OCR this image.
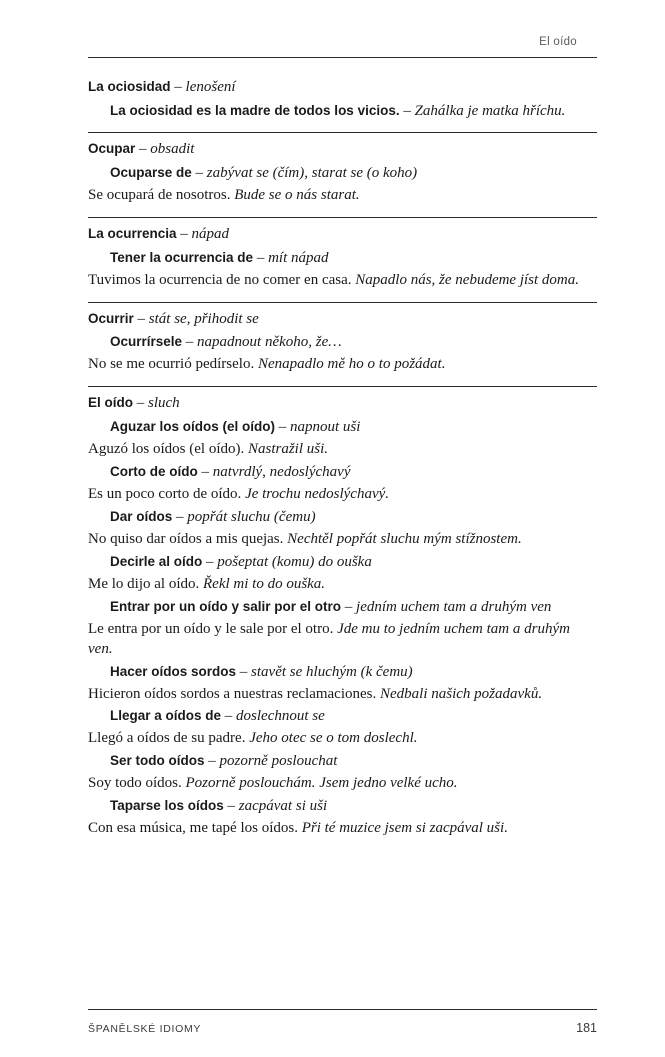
El oído

La ociosidad – lenošení

La ociosidad es la madre de todos los vicios. – Zahálka je matka hříchu.

Ocupar – obsadit

Ocuparse de – zabývat se (čím), starat se (o koho)

Se ocupará de nosotros. Bude se o nás starat.

La ocurrencia – nápad

Tener la ocurrencia de – mít nápad

Tuvimos la ocurrencia de no comer en casa. Napadlo nás, že nebudeme jíst doma.

Ocurrir – stát se, přihodit se

Ocurrírsele – napadnout někoho, že…

No se me ocurrió pedírselo. Nenapadlo mě ho o to požádat.

El oído – sluch

Aguzar los oídos (el oído) – napnout uši

Aguzó los oídos (el oído). Nastražil uši.

Corto de oído – natvrdlý, nedoslýchavý

Es un poco corto de oído. Je trochu nedoslýchavý.

Dar oídos – popřát sluchu (čemu)

No quiso dar oídos a mis quejas. Nechtěl popřát sluchu mým stížnostem.

Decirle al oído – pošeptat (komu) do ouška

Me lo dijo al oído. Řekl mi to do ouška.

Entrar por un oído y salir por el otro – jedním uchem tam a druhým ven

Le entra por un oído y le sale por el otro. Jde mu to jedním uchem tam a druhým ven.

Hacer oídos sordos – stavět se hluchým (k čemu)

Hicieron oídos sordos a nuestras reclamaciones. Nedbali našich požadavků.

Llegar a oídos de – doslechnout se

Llegó a oídos de su padre. Jeho otec se o tom doslechl.

Ser todo oídos – pozorně poslouchat

Soy todo oídos. Pozorně poslouchám. Jsem jedno velké ucho.

Taparse los oídos – zacpávat si uši

Con esa música, me tapé los oídos. Při té muzice jsem si zacpával uši.

ŠPANĚLSKÉ IDIOMY	181
